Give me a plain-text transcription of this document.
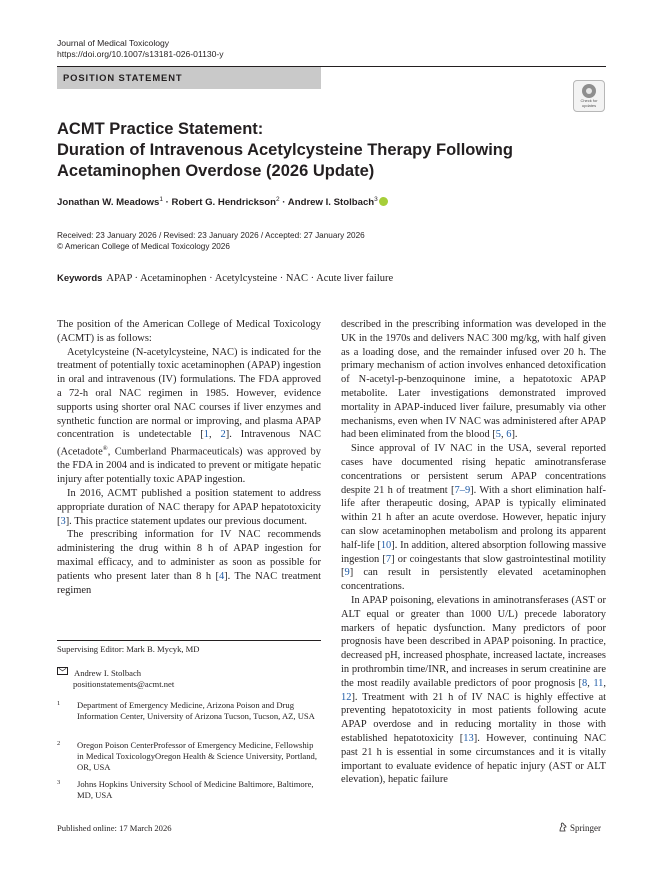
Journal of Medical Toxicology
https://doi.org/10.1007/s13181-026-01130-y
POSITION STATEMENT
Check for updates
ACMT Practice Statement:
Duration of Intravenous Acetylcysteine Therapy Following
Acetaminophen Overdose (2026 Update)
Jonathan W. Meadows$^1$ · Robert G. Hendrickson$^2$ · Andrew I. Stolbach$^3$
Received: 23 January 2026 / Revised: 23 January 2026 / Accepted: 27 January 2026
© American College of Medical Toxicology 2026
Keywords APAP · Acetaminophen · Acetylcysteine · NAC · Acute liver failure

The position of the American College of Medical Toxicology (ACMT) is as follows:

Acetylcysteine (N-acetylcysteine, NAC) is indicated for the treatment of potentially toxic acetaminophen (APAP) ingestion in oral and intravenous (IV) formulations. The FDA approved a 72-h oral NAC regimen in 1985. However, evidence supports using shorter oral NAC courses if liver enzymes and synthetic function are normal or improving, and plasma APAP concentration is undetectable [1, 2]. Intravenous NAC (Acetadote®, Cumberland Pharmaceuticals) was approved by the FDA in 2004 and is indicated to prevent or mitigate hepatic injury after potentially toxic APAP ingestion.

In 2016, ACMT published a position statement to address appropriate duration of NAC therapy for APAP hepatotoxicity [3]. This practice statement updates our previous document.

The prescribing information for IV NAC recommends administering the drug within 8 h of APAP ingestion for maximal efficacy, and to administer as soon as possible for patients who present later than 8 h [4]. The NAC treatment regimen

described in the prescribing information was developed in the UK in the 1970s and delivers NAC 300 mg/kg, with half given as a loading dose, and the remainder infused over 20 h. The primary mechanism of action involves enhanced detoxification of N-acetyl-p-benzoquinone imine, a hepatotoxic APAP metabolite. Later investigations demonstrated improved mortality in APAP-induced liver failure, presumably via other mechanisms, even when IV NAC was administered after APAP had been eliminated from the blood [5, 6].

Since approval of IV NAC in the USA, several reported cases have documented rising hepatic aminotransferase concentrations or persistent serum APAP concentrations despite 21 h of treatment [7–9]. With a short elimination half-life after therapeutic dosing, APAP is typically eliminated within 21 h after an acute overdose. However, hepatic injury can slow acetaminophen metabolism and prolong its apparent half-life [10]. In addition, altered absorption following massive ingestion [7] or coingestants that slow gastrointestinal motility [9] can result in persistently elevated acetaminophen concentrations.

In APAP poisoning, elevations in aminotransferases (AST or ALT equal or greater than 1000 U/L) precede laboratory markers of hepatic dysfunction. Many predictors of poor prognosis have been described in APAP poisoning. In practice, decreased pH, increased phosphate, increased lactate, increases in prothrombin time/INR, and increases in serum creatinine are the most readily available predictors of poor prognosis [8, 11, 12]. Treatment with 21 h of IV NAC is highly effective at preventing hepatotoxicity in most patients following acute APAP overdose and in reducing mortality in those with established hepatotoxicity [13]. However, continuing NAC past 21 h is essential in some circumstances and it is vitally important to evaluate evidence of hepatic injury (AST or ALT elevation), hepatic failure

Supervising Editor: Mark B. Mycyk, MD
Andrew I. Stolbach
positionstatements@acmt.net
1 Department of Emergency Medicine, Arizona Poison and Drug Information Center, University of Arizona Tucson, Tucson, AZ, USA
2 Oregon Poison CenterProfessor of Emergency Medicine, Fellowship in Medical ToxicologyOregon Health & Science University, Portland, OR, USA
3 Johns Hopkins University School of Medicine Baltimore, Baltimore, MD, USA
Published online: 17 March 2026	Springer
